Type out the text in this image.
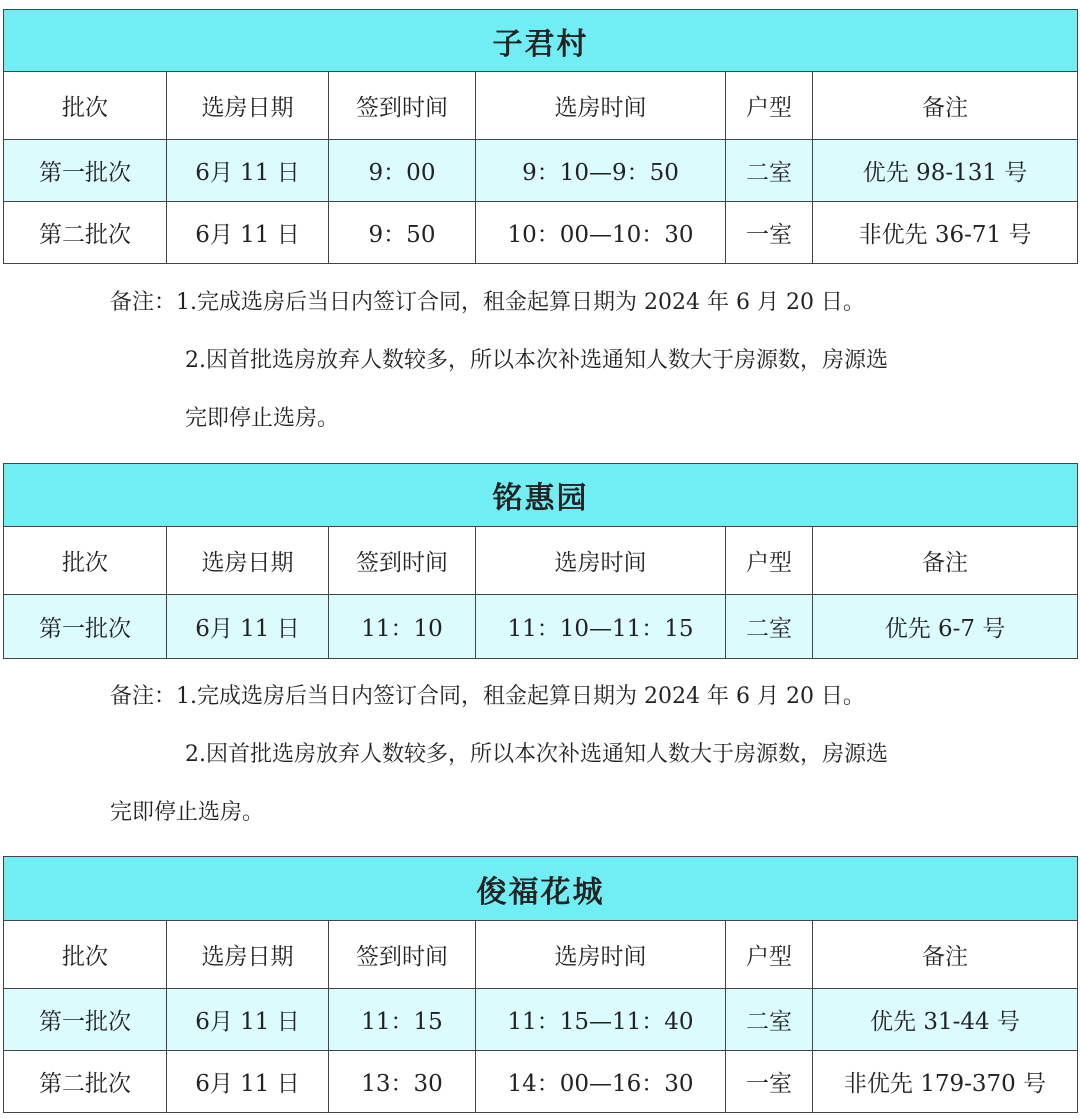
子君村					
批次	选房日期	签到时间	选房时间	户型	备注
第一批次	6月 11 日	9：00	9：10—9：50	二室	优先 98-131 号
第二批次	6月 11 日	9：50	10：00—10：30	一室	非优先 36-71 号
备注：1.完成选房后当日内签订合同，租金起算日期为 2024 年 6 月 20 日。
2.因首批选房放弃人数较多，所以本次补选通知人数大于房源数，房源选
完即停止选房。
铭惠园					
批次	选房日期	签到时间	选房时间	户型	备注
第一批次	6月 11 日	11：10	11：10—11：15	二室	优先 6-7 号
备注：1.完成选房后当日内签订合同，租金起算日期为 2024 年 6 月 20 日。
2.因首批选房放弃人数较多，所以本次补选通知人数大于房源数，房源选
完即停止选房。
俊福花城					
批次	选房日期	签到时间	选房时间	户型	备注
第一批次	6月 11 日	11：15	11：15—11：40	二室	优先 31-44 号
第二批次	6月 11 日	13：30	14：00—16：30	一室	非优先 179-370 号
